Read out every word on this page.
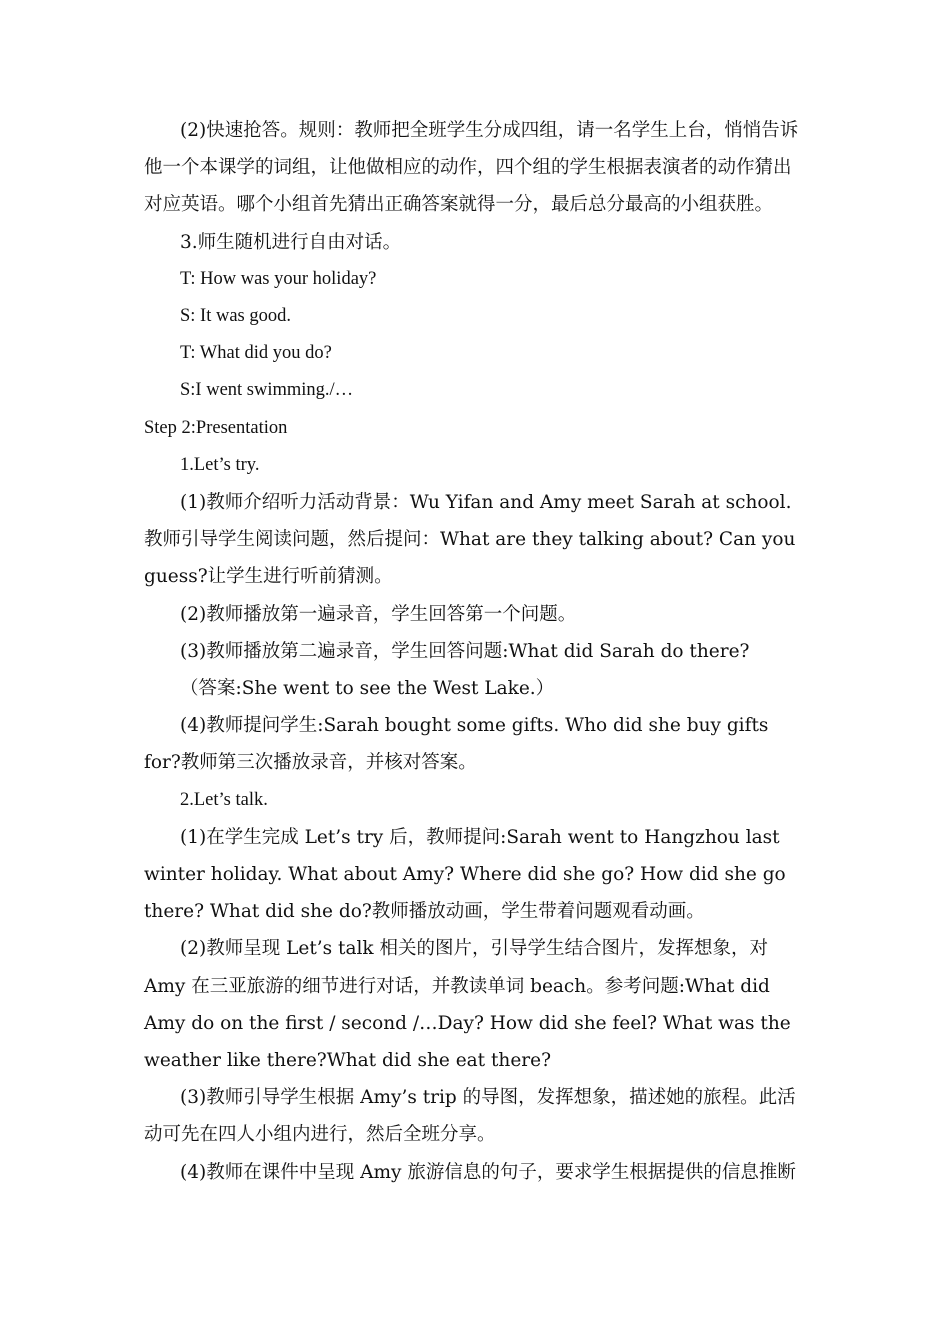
(2)快速抢答。规则：教师把全班学生分成四组，请一名学生上台，悄悄告诉他一个本课学的词组，让他做相应的动作，四个组的学生根据表演者的动作猜出对应英语。哪个小组首先猜出正确答案就得一分，最后总分最高的小组获胜。

3.师生随机进行自由对话。

T: How was your holiday?

S: It was good.

T: What did you do?

S:I went swimming./…

Step 2:Presentation

1.Let’s try.

(1)教师介绍听力活动背景：Wu Yifan and Amy meet Sarah at school.教师引导学生阅读问题，然后提问：What are they talking about? Can you guess?让学生进行听前猜测。

(2)教师播放第一遍录音，学生回答第一个问题。

(3)教师播放第二遍录音，学生回答问题:What did Sarah do there?

（答案:She went to see the West Lake.）

(4)教师提问学生:Sarah bought some gifts. Who did she buy gifts for?教师第三次播放录音，并核对答案。

2.Let’s talk.

(1)在学生完成 Let’s try 后，教师提问:Sarah went to Hangzhou last winter holiday. What about Amy? Where did she go? How did she go there? What did she do?教师播放动画，学生带着问题观看动画。

(2)教师呈现 Let’s talk 相关的图片，引导学生结合图片，发挥想象，对 Amy 在三亚旅游的细节进行对话，并教读单词 beach。参考问题:What did Amy do on the first / second /…Day? How did she feel? What was the weather like there?What did she eat there?

(3)教师引导学生根据 Amy’s trip 的导图，发挥想象，描述她的旅程。此活动可先在四人小组内进行，然后全班分享。

(4)教师在课件中呈现 Amy 旅游信息的句子，要求学生根据提供的信息推断
